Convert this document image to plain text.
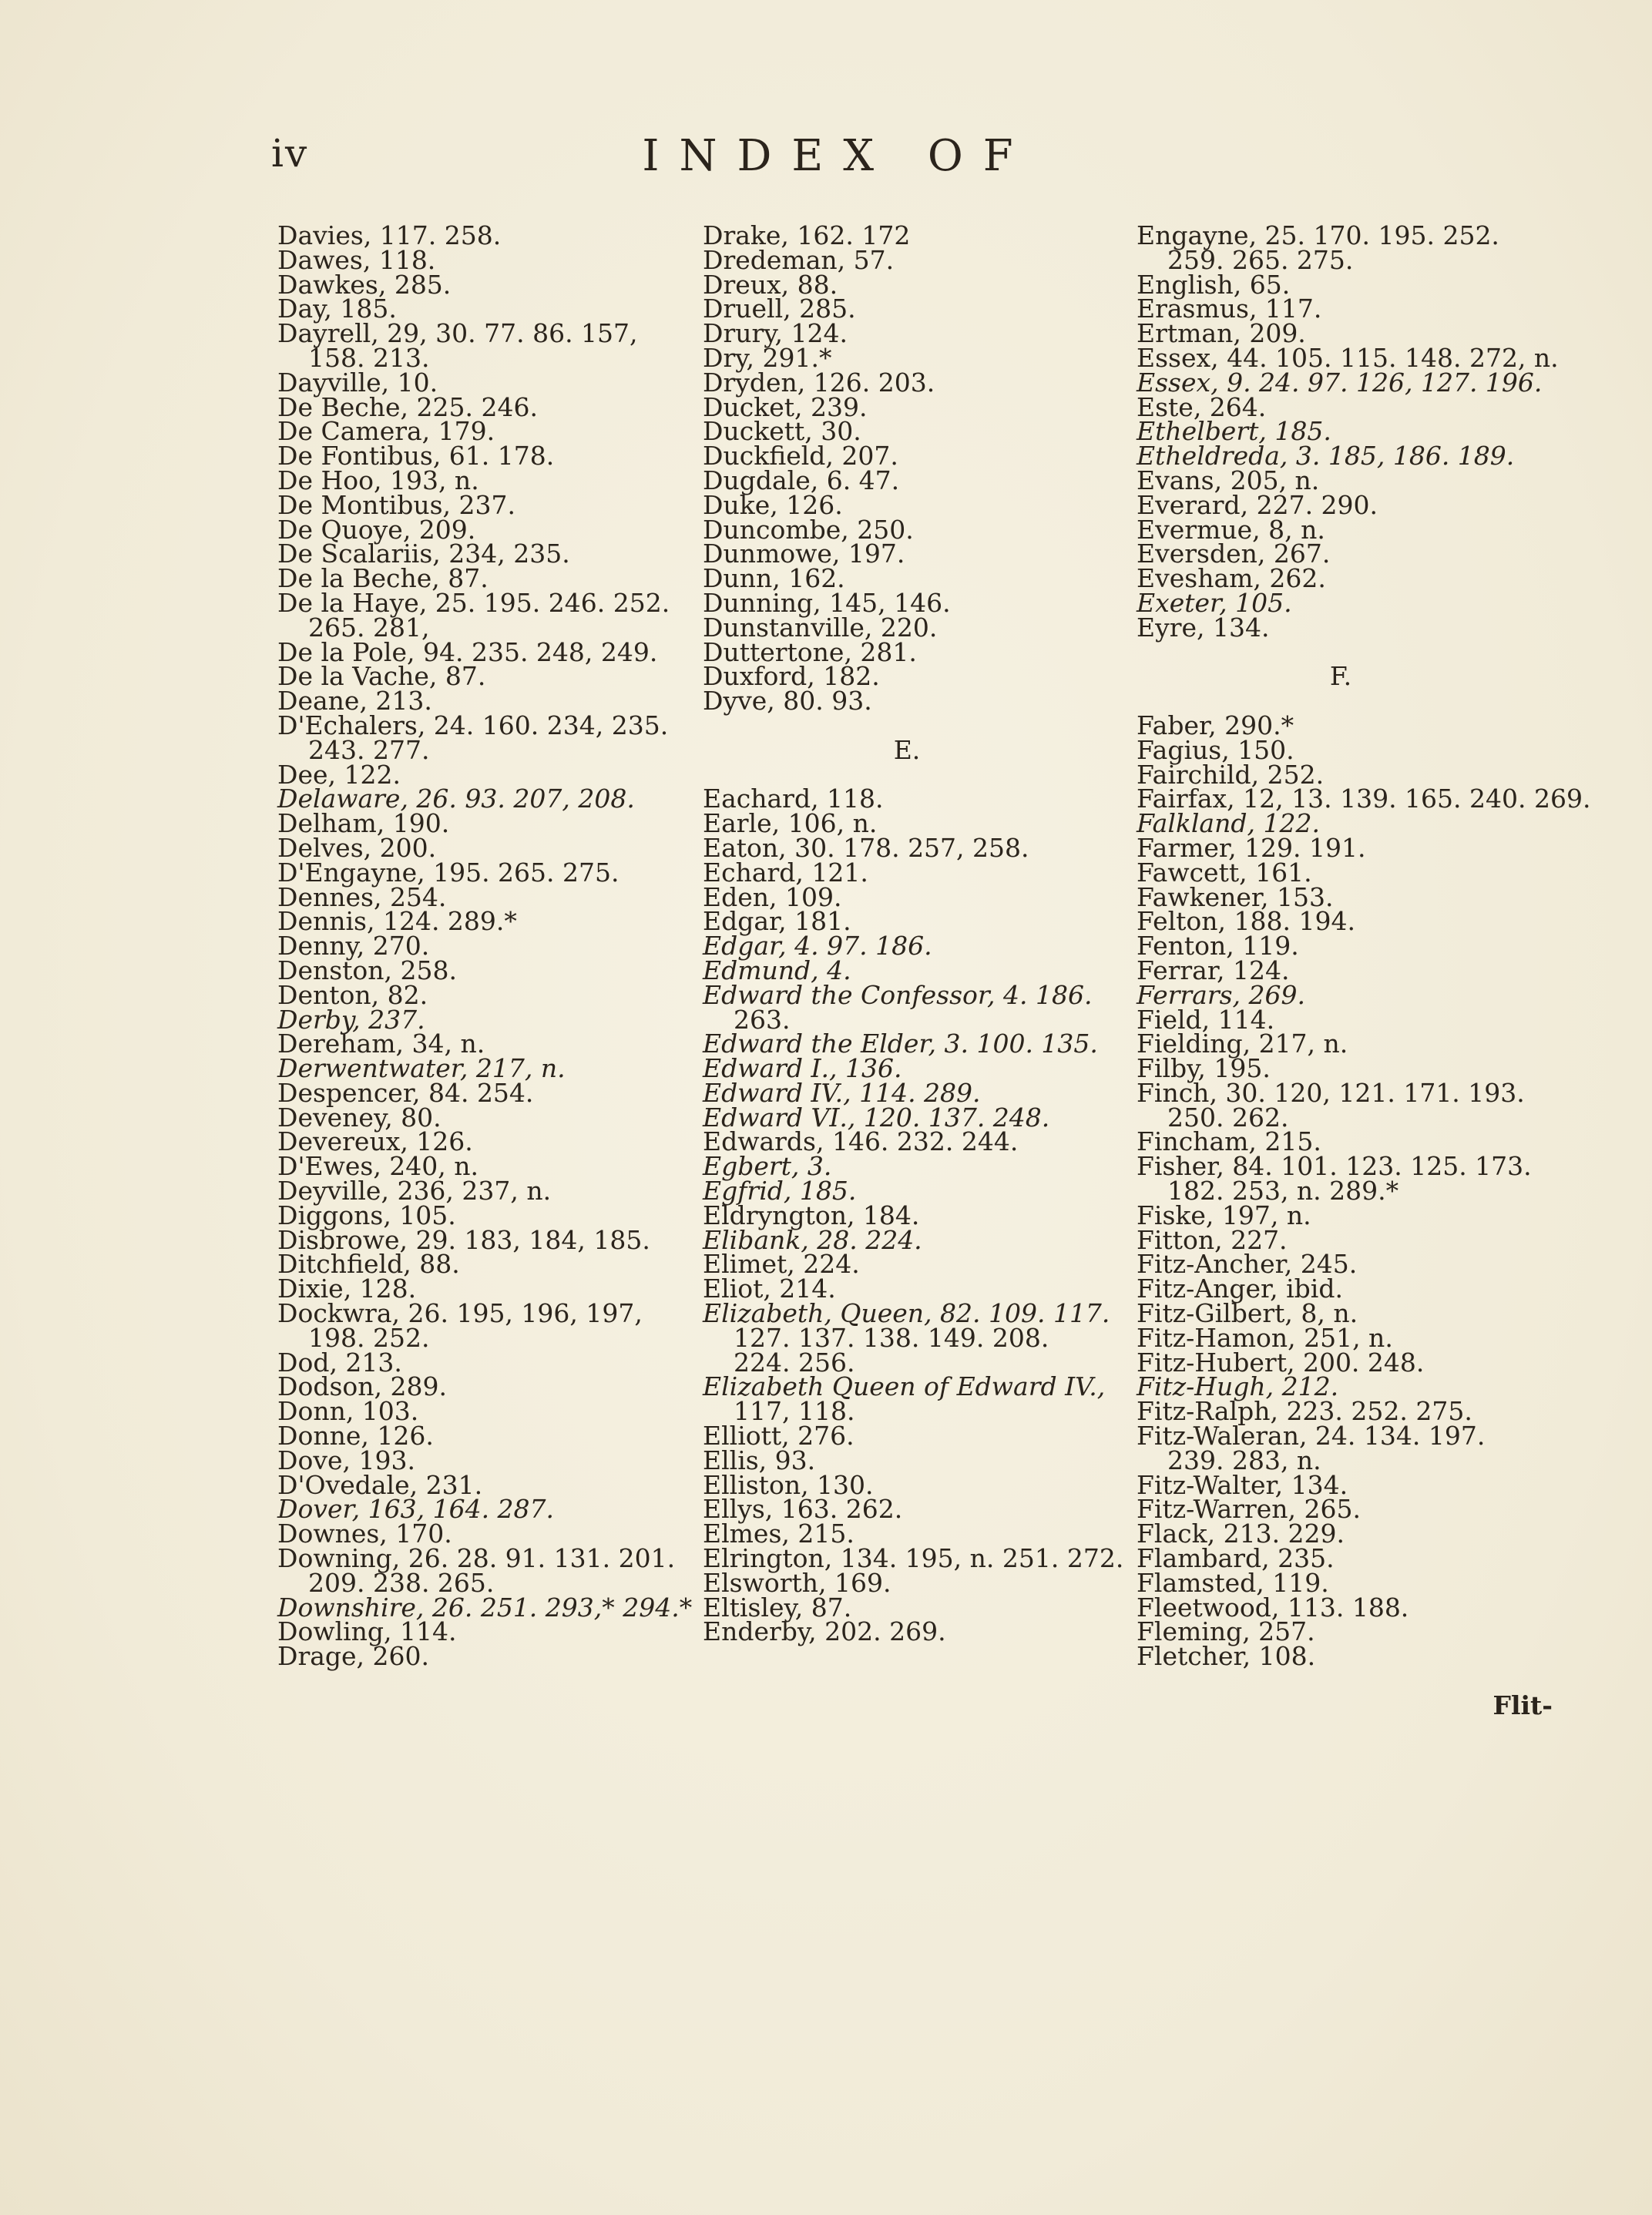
iv	INDEX OF
Davies, 117. 258.
Dawes, 118.
Dawkes, 285.
Day, 185.
Dayrell, 29, 30. 77. 86. 157,
158. 213.
Dayville, 10.
De Beche, 225. 246.
De Camera, 179.
De Fontibus, 61. 178.
De Hoo, 193, n.
De Montibus, 237.
De Quoye, 209.
De Scalariis, 234, 235.
De la Beche, 87.
De la Haye, 25. 195. 246. 252.
265. 281,
De la Pole, 94. 235. 248, 249.
De la Vache, 87.
Deane, 213.
D'Echalers, 24. 160. 234, 235.
243. 277.
Dee, 122.
Delaware, 26. 93. 207, 208.
Delham, 190.
Delves, 200.
D'Engayne, 195. 265. 275.
Dennes, 254.
Dennis, 124. 289.*
Denny, 270.
Denston, 258.
Denton, 82.
Derby, 237.
Dereham, 34, n.
Derwentwater, 217, n.
Despencer, 84. 254.
Deveney, 80.
Devereux, 126.
D'Ewes, 240, n.
Deyville, 236, 237, n.
Diggons, 105.
Disbrowe, 29. 183, 184, 185.
Ditchfield, 88.
Dixie, 128.
Dockwra, 26. 195, 196, 197,
198. 252.
Dod, 213.
Dodson, 289.
Donn, 103.
Donne, 126.
Dove, 193.
D'Ovedale, 231.
Dover, 163, 164. 287.
Downes, 170.
Downing, 26. 28. 91. 131. 201.
209. 238. 265.
Downshire, 26. 251. 293,* 294.*
Dowling, 114.
Drage, 260.
Drake, 162. 172
Dredeman, 57.
Dreux, 88.
Druell, 285.
Drury, 124.
Dry, 291.*
Dryden, 126. 203.
Ducket, 239.
Duckett, 30.
Duckfield, 207.
Dugdale, 6. 47.
Duke, 126.
Duncombe, 250.
Dunmowe, 197.
Dunn, 162.
Dunning, 145, 146.
Dunstanville, 220.
Duttertone, 281.
Duxford, 182.
Dyve, 80. 93.
E.
Eachard, 118.
Earle, 106, n.
Eaton, 30. 178. 257, 258.
Echard, 121.
Eden, 109.
Edgar, 181.
Edgar, 4. 97. 186.
Edmund, 4.
Edward the Confessor, 4. 186.
263.
Edward the Elder, 3. 100. 135.
Edward I., 136.
Edward IV., 114. 289.
Edward VI., 120. 137. 248.
Edwards, 146. 232. 244.
Egbert, 3.
Egfrid, 185.
Eldryngton, 184.
Elibank, 28. 224.
Elimet, 224.
Eliot, 214.
Elizabeth, Queen, 82. 109. 117.
127. 137. 138. 149. 208.
224. 256.
Elizabeth Queen of Edward IV.,
117, 118.
Elliott, 276.
Ellis, 93.
Elliston, 130.
Ellys, 163. 262.
Elmes, 215.
Elrington, 134. 195, n. 251. 272.
Elsworth, 169.
Eltisley, 87.
Enderby, 202. 269.
Engayne, 25. 170. 195. 252.
259. 265. 275.
English, 65.
Erasmus, 117.
Ertman, 209.
Essex, 44. 105. 115. 148. 272, n.
Essex, 9. 24. 97. 126, 127. 196.
Este, 264.
Ethelbert, 185.
Etheldreda, 3. 185, 186. 189.
Evans, 205, n.
Everard, 227. 290.
Evermue, 8, n.
Eversden, 267.
Evesham, 262.
Exeter, 105.
Eyre, 134.
F.
Faber, 290.*
Fagius, 150.
Fairchild, 252.
Fairfax, 12, 13. 139. 165. 240. 269.
Falkland, 122.
Farmer, 129. 191.
Fawcett, 161.
Fawkener, 153.
Felton, 188. 194.
Fenton, 119.
Ferrar, 124.
Ferrars, 269.
Field, 114.
Fielding, 217, n.
Filby, 195.
Finch, 30. 120, 121. 171. 193.
250. 262.
Fincham, 215.
Fisher, 84. 101. 123. 125. 173.
182. 253, n. 289.*
Fiske, 197, n.
Fitton, 227.
Fitz-Ancher, 245.
Fitz-Anger, ibid.
Fitz-Gilbert, 8, n.
Fitz-Hamon, 251, n.
Fitz-Hubert, 200. 248.
Fitz-Hugh, 212.
Fitz-Ralph, 223. 252. 275.
Fitz-Waleran, 24. 134. 197.
239. 283, n.
Fitz-Walter, 134.
Fitz-Warren, 265.
Flack, 213. 229.
Flambard, 235.
Flamsted, 119.
Fleetwood, 113. 188.
Fleming, 257.
Fletcher, 108.
Flit-
